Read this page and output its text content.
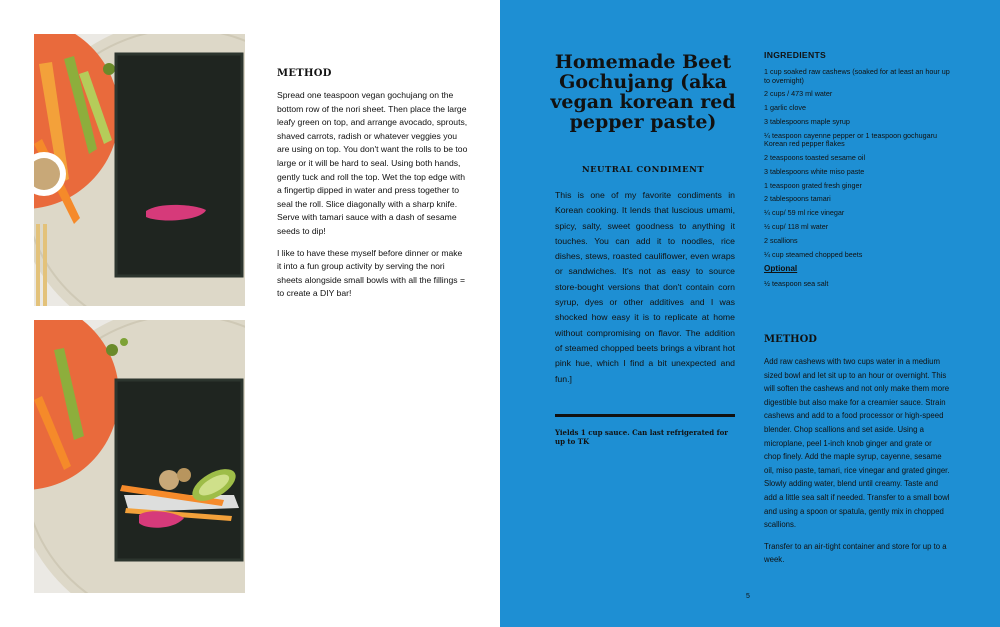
METHOD

Spread one teaspoon vegan gochujang on the bottom row of the nori sheet. Then place the large leafy green on top, and arrange avocado, sprouts, shaved carrots, radish or whatever veggies you are using on top. You don't want the rolls to be too large or it will be hard to seal. Using both hands, gently tuck and roll the top. Wet the top edge with a fingertip dipped in water and press together to seal the roll. Slice diagonally with a sharp knife. Serve with tamari sauce with a dash of sesame seeds to dip!

I like to have these myself before dinner or make it into a fun group activity by serving the nori sheets alongside small bowls with all the fillings = to create a DIY bar!

Homemade Beet Gochujang (aka vegan korean red pepper paste)
NEUTRAL CONDIMENT

This is one of my favorite condiments in Korean cooking. It lends that luscious umami, spicy, salty, sweet goodness to anything it touches. You can add it to noodles, rice dishes, stews, roasted cauliflower, even wraps or sandwiches. It's not as easy to source store-bought versions that don't contain corn syrup, dyes or other additives and I was shocked how easy it is to replicate at home without compromising on flavor. The addition of steamed chopped beets brings a vibrant hot pink hue, which I find a bit unexpected and fun.]

Yields 1 cup sauce. Can last refrigerated for up to TK

INGREDIENTS
1 cup soaked raw cashews (soaked for at least an hour up to overnight)
2 cups / 473 ml water
1 garlic clove
3 tablespoons maple syrup
¼ teaspoon cayenne pepper or 1 teaspoon gochugaru Korean red pepper flakes
2 teaspoons toasted sesame oil
3 tablespoons white miso paste
1 teaspoon grated fresh ginger
2 tablespoons tamari
¼ cup/ 59 ml rice vinegar
½ cup/ 118 ml water
2 scallions
¼ cup steamed chopped beets
Optional
½ teaspoon sea salt
METHOD

Add raw cashews with two cups water in a medium sized bowl and let sit up to an hour or overnight. This will soften the cashews and not only make them more digestible but also make for a creamier sauce. Strain cashews and add to a food processor or high-speed blender. Chop scallions and set aside. Using a microplane, peel 1-inch knob ginger and grate or chop finely. Add the maple syrup, cayenne, sesame oil, miso paste, tamari, rice vinegar and grated ginger. Slowly adding water, blend until creamy. Taste and add a little sea salt if needed. Transfer to a small bowl and using a spoon or spatula, gently mix in chopped scallions.

Transfer to an air-tight container and store for up to a week.

5
